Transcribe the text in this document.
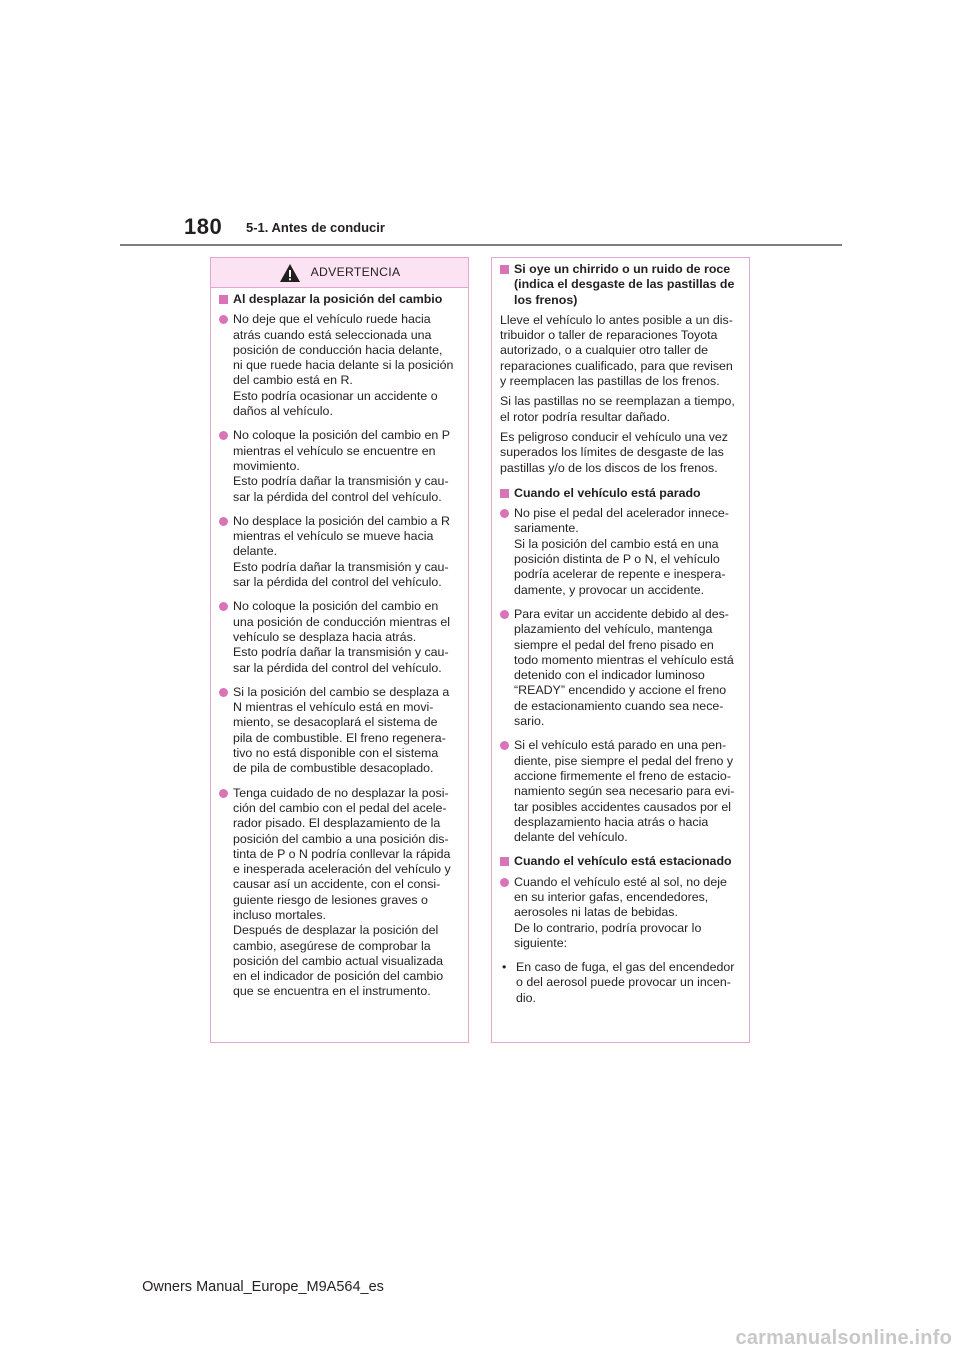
180 5-1. Antes de conducir
ADVERTENCIA
Al desplazar la posición del cambio
No deje que el vehículo ruede hacia
atrás cuando está seleccionada una
posición de conducción hacia delante,
ni que ruede hacia delante si la posición
del cambio está en R.
Esto podría ocasionar un accidente o
daños al vehículo.
No coloque la posición del cambio en P
mientras el vehículo se encuentre en
movimiento.
Esto podría dañar la transmisión y cau-
sar la pérdida del control del vehículo.
No desplace la posición del cambio a R
mientras el vehículo se mueve hacia
delante.
Esto podría dañar la transmisión y cau-
sar la pérdida del control del vehículo.
No coloque la posición del cambio en
una posición de conducción mientras el
vehículo se desplaza hacia atrás.
Esto podría dañar la transmisión y cau-
sar la pérdida del control del vehículo.
Si la posición del cambio se desplaza a
N mientras el vehículo está en movi-
miento, se desacoplará el sistema de
pila de combustible. El freno regenera-
tivo no está disponible con el sistema
de pila de combustible desacoplado.
Tenga cuidado de no desplazar la posi-
ción del cambio con el pedal del acele-
rador pisado. El desplazamiento de la
posición del cambio a una posición dis-
tinta de P o N podría conllevar la rápida
e inesperada aceleración del vehículo y
causar así un accidente, con el consi-
guiente riesgo de lesiones graves o
incluso mortales.
Después de desplazar la posición del
cambio, asegúrese de comprobar la
posición del cambio actual visualizada
en el indicador de posición del cambio
que se encuentra en el instrumento.
Si oye un chirrido o un ruido de roce
(indica el desgaste de las pastillas de
los frenos)
Lleve el vehículo lo antes posible a un dis-
tribuidor o taller de reparaciones Toyota
autorizado, o a cualquier otro taller de
reparaciones cualificado, para que revisen
y reemplacen las pastillas de los frenos.
Si las pastillas no se reemplazan a tiempo,
el rotor podría resultar dañado.
Es peligroso conducir el vehículo una vez
superados los límites de desgaste de las
pastillas y/o de los discos de los frenos.
Cuando el vehículo está parado
No pise el pedal del acelerador innece-
sariamente.
Si la posición del cambio está en una
posición distinta de P o N, el vehículo
podría acelerar de repente e inespera-
damente, y provocar un accidente.
Para evitar un accidente debido al des-
plazamiento del vehículo, mantenga
siempre el pedal del freno pisado en
todo momento mientras el vehículo está
detenido con el indicador luminoso
“READY” encendido y accione el freno
de estacionamiento cuando sea nece-
sario.
Si el vehículo está parado en una pen-
diente, pise siempre el pedal del freno y
accione firmemente el freno de estacio-
namiento según sea necesario para evi-
tar posibles accidentes causados por el
desplazamiento hacia atrás o hacia
delante del vehículo.
Cuando el vehículo está estacionado
Cuando el vehículo esté al sol, no deje
en su interior gafas, encendedores,
aerosoles ni latas de bebidas.
De lo contrario, podría provocar lo
siguiente:
• En caso de fuga, el gas del encendedor
o del aerosol puede provocar un incen-
dio.
Owners Manual_Europe_M9A564_es
carmanualsonline.info
